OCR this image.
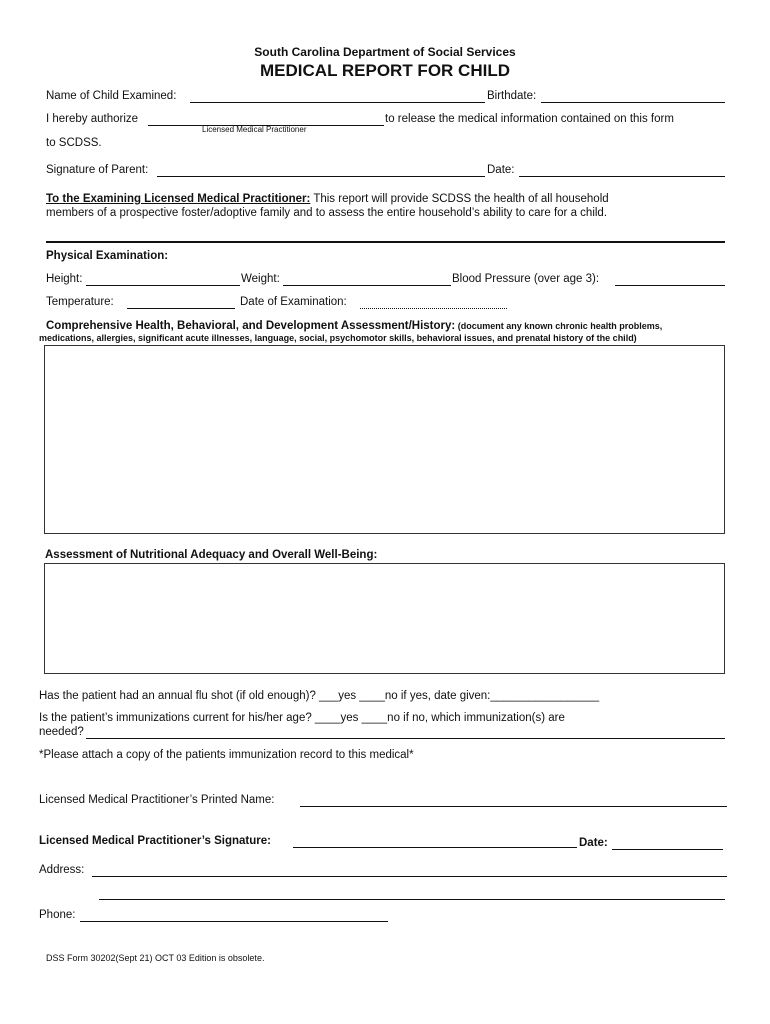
South Carolina Department of Social Services
MEDICAL REPORT FOR CHILD
Name of Child Examined:	Birthdate:
I hereby authorize
Licensed Medical Practitioner
to release the medical information contained on this form
to SCDSS.
Signature of Parent:	Date:
To the Examining Licensed Medical Practitioner: This report will provide SCDSS the health of all household
members of a prospective foster/adoptive family and to assess the entire household’s ability to care for a child.
Physical Examination:
Height:	Weight:	Blood Pressure (over age 3):
Temperature:	Date of Examination:
Comprehensive Health, Behavioral, and Development Assessment/History: (document any known chronic health problems,
medications, allergies, significant acute illnesses, language, social, psychomotor skills, behavioral issues, and prenatal history of the child)
Assessment of Nutritional Adequacy and Overall Well-Being:
Has the patient had an annual flu shot (if old enough)? ___yes ____no if yes, date given:_________________
Is the patient’s immunizations current for his/her age? ____yes ____no if no, which immunization(s) are
needed?
*Please attach a copy of the patients immunization record to this medical*
Licensed Medical Practitioner’s Printed Name:
Licensed Medical Practitioner’s Signature:	Date:
Address:
Phone:
DSS Form 30202(Sept 21) OCT 03 Edition is obsolete.
